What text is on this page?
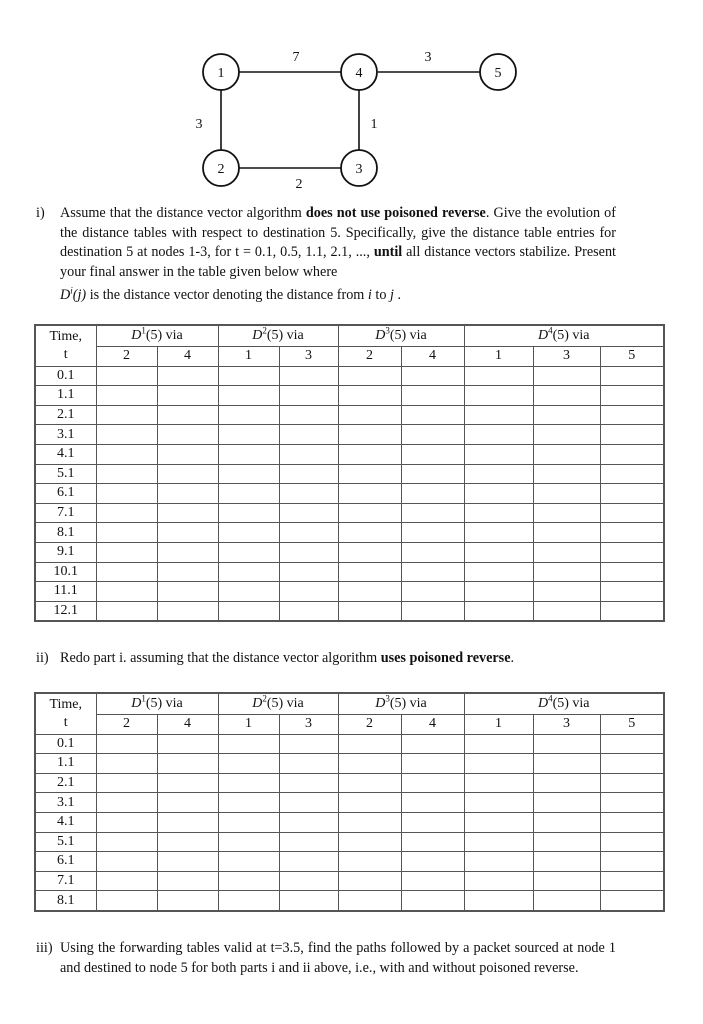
1	4	5
2	3
7	3
3	1
2
i) Assume that the distance vector algorithm does not use poisoned reverse. Give the evolution of the distance tables with respect to destination 5. Specifically, give the distance table entries for destination 5 at nodes 1-3, for t = 0.1, 0.5, 1.1, 2.1, ..., until all distance vectors stabilize. Present your final answer in the table given below where
$D^i(j)$ is the distance vector denoting the distance from i to j .
Time,
t	$D^1(5)$ via		$D^2(5)$ via		$D^3(5)$ via		$D^4(5)$ via		
	2	4	1	3	2	4	1	3	5
0.1									
1.1									
2.1									
3.1									
4.1									
5.1									
6.1									
7.1									
8.1									
9.1									
10.1									
11.1									
12.1									
ii) Redo part i. assuming that the distance vector algorithm uses poisoned reverse.
Time,
t	$D^1(5)$ via		$D^2(5)$ via		$D^3(5)$ via		$D^4(5)$ via		
	2	4	1	3	2	4	1	3	5
0.1									
1.1									
2.1									
3.1									
4.1									
5.1									
6.1									
7.1									
8.1									
iii) Using the forwarding tables valid at t=3.5, find the paths followed by a packet sourced at node 1 and destined to node 5 for both parts i and ii above, i.e., with and without poisoned reverse.
